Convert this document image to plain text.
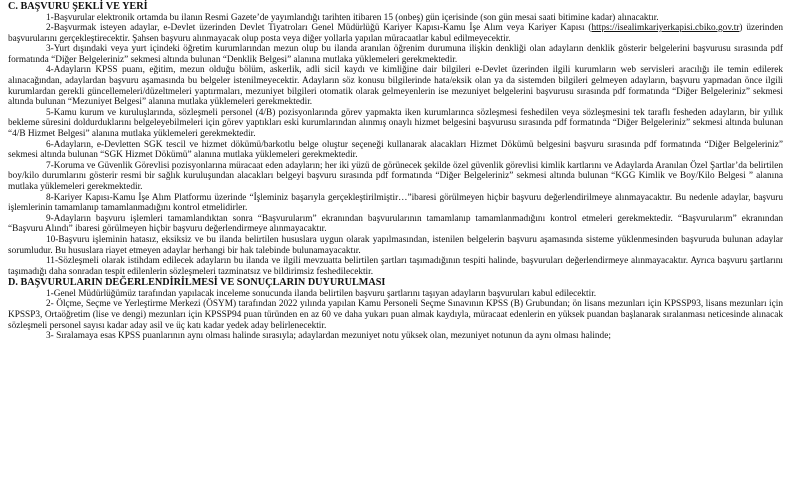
C. BAŞVURU ŞEKLİ VE YERİ

1-Başvurular elektronik ortamda bu ilanın Resmi Gazete’de yayımlandığı tarihten itibaren 15 (onbeş) gün içerisinde (son gün mesai saati bitimine kadar) alınacaktır.

2-Başvurmak isteyen adaylar, e-Devlet üzerinden Devlet Tiyatroları Genel Müdürlüğü Kariyer Kapısı-Kamu İşe Alım veya Kariyer Kapısı (https://isealimkariyerkapisi.cbiko.gov.tr) üzerinden başvurularını gerçekleştirecektir. Şahsen başvuru alınmayacak olup posta veya diğer yollarla yapılan müracaatlar kabul edilmeyecektir.

3-Yurt dışındaki veya yurt içindeki öğretim kurumlarından mezun olup bu ilanda aranılan öğrenim durumuna ilişkin denkliği olan adayların denklik gösterir belgelerini başvurusu sırasında pdf formatında “Diğer Belgeleriniz” sekmesi altında bulunan “Denklik Belgesi” alanına mutlaka yüklemeleri gerekmektedir.

4-Adayların KPSS puanı, eğitim, mezun olduğu bölüm, askerlik, adli sicil kaydı ve kimliğine dair bilgileri e-Devlet üzerinden ilgili kurumların web servisleri aracılığı ile temin edilerek alınacağından, adaylardan başvuru aşamasında bu belgeler istenilmeyecektir. Adayların söz konusu bilgilerinde hata/eksik olan ya da sistemden bilgileri gelmeyen adayların, başvuru yapmadan önce ilgili kurumlardan gerekli güncellemeleri/düzeltmeleri yaptırmaları, mezuniyet bilgileri otomatik olarak gelmeyenlerin ise mezuniyet belgelerini başvurusu sırasında pdf formatında “Diğer Belgeleriniz” sekmesi altında bulunan “Mezuniyet Belgesi” alanına mutlaka yüklemeleri gerekmektedir.

5-Kamu kurum ve kuruluşlarında, sözleşmeli personel (4/B) pozisyonlarında görev yapmakta iken kurumlarınca sözleşmesi feshedilen veya sözleşmesini tek taraflı fesheden adayların, bir yıllık bekleme süresini doldurduklarını belgeleyebilmeleri için görev yaptıkları eski kurumlarından alınmış onaylı hizmet belgesini başvurusu sırasında pdf formatında “Diğer Belgeleriniz” sekmesi altında bulunan “4/B Hizmet Belgesi” alanına mutlaka yüklemeleri gerekmektedir.

6-Adayların, e-Devletten SGK tescil ve hizmet dökümü/barkotlu belge oluştur seçeneği kullanarak alacakları Hizmet Dökümü belgesini başvuru sırasında pdf formatında “Diğer Belgeleriniz” sekmesi altında bulunan “SGK Hizmet Dökümü” alanına mutlaka yüklemeleri gerekmektedir.

7-Koruma ve Güvenlik Görevlisi pozisyonlarına müracaat eden adayların; her iki yüzü de görünecek şekilde özel güvenlik görevlisi kimlik kartlarını ve Adaylarda Aranılan Özel Şartlar’da belirtilen boy/kilo durumlarını gösterir resmi bir sağlık kuruluşundan alacakları belgeyi başvuru sırasında pdf formatında “Diğer Belgeleriniz” sekmesi altında bulunan “KGG Kimlik ve Boy/Kilo Belgesi ” alanına mutlaka yüklemeleri gerekmektedir.

8-Kariyer Kapısı-Kamu İşe Alım Platformu üzerinde “İşleminiz başarıyla gerçekleştirilmiştir…”ibaresi görülmeyen hiçbir başvuru değerlendirilmeye alınmayacaktır. Bu nedenle adaylar, başvuru işlemlerinin tamamlanıp tamamlanmadığını kontrol etmelidirler.

9-Adayların başvuru işlemleri tamamlandıktan sonra “Başvurularım” ekranından başvurularının tamamlanıp tamamlanmadığını kontrol etmeleri gerekmektedir. “Başvurularım” ekranından “Başvuru Alındı” ibaresi görülmeyen hiçbir başvuru değerlendirmeye alınmayacaktır.

10-Başvuru işleminin hatasız, eksiksiz ve bu ilanda belirtilen hususlara uygun olarak yapılmasından, istenilen belgelerin başvuru aşamasında sisteme yüklenmesinden başvuruda bulunan adaylar sorumludur. Bu hususlara riayet etmeyen adaylar herhangi bir hak talebinde bulunamayacaktır.

11-Sözleşmeli olarak istihdam edilecek adayların bu ilanda ve ilgili mevzuatta belirtilen şartları taşımadığının tespiti halinde, başvuruları değerlendirmeye alınmayacaktır. Ayrıca başvuru şartlarını taşımadığı daha sonradan tespit edilenlerin sözleşmeleri tazminatsız ve bildirimsiz feshedilecektir.

D. BAŞVURULARIN DEĞERLENDİRİLMESİ VE SONUÇLARIN DUYURULMASI

1-Genel Müdürlüğümüz tarafından yapılacak inceleme sonucunda ilanda belirtilen başvuru şartlarını taşıyan adayların başvuruları kabul edilecektir.

2- Ölçme, Seçme ve Yerleştirme Merkezi (ÖSYM) tarafından 2022 yılında yapılan Kamu Personeli Seçme Sınavının KPSS (B) Grubundan; ön lisans mezunları için KPSSP93, lisans mezunları için KPSSP3, Ortaöğretim (lise ve dengi) mezunları için KPSSP94 puan türünden en az 60 ve daha yukarı puan almak kaydıyla, müracaat edenlerin en yüksek puandan başlanarak sıralanması neticesinde alınacak sözleşmeli personel sayısı kadar aday asil ve üç katı kadar yedek aday belirlenecektir.

3- Sıralamaya esas KPSS puanlarının aynı olması halinde sırasıyla; adaylardan mezuniyet notu yüksek olan, mezuniyet notunun da aynı olması halinde;
